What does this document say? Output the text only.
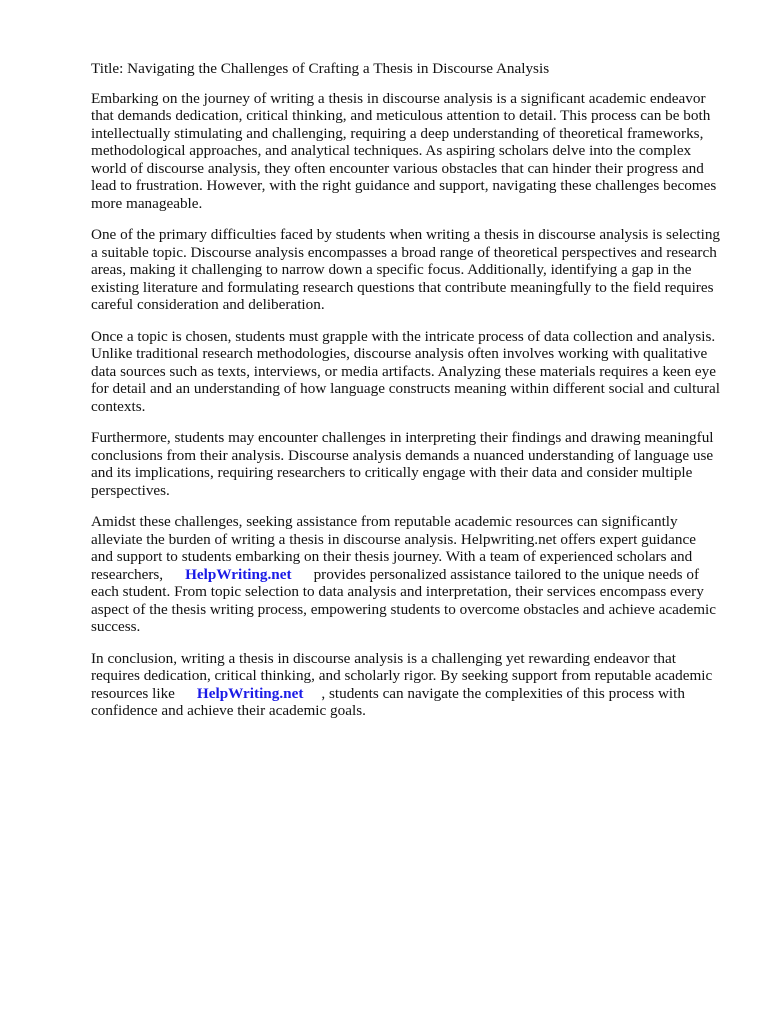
Title: Navigating the Challenges of Crafting a Thesis in Discourse Analysis

Embarking on the journey of writing a thesis in discourse analysis is a significant academic endeavor that demands dedication, critical thinking, and meticulous attention to detail. This process can be both intellectually stimulating and challenging, requiring a deep understanding of theoretical frameworks, methodological approaches, and analytical techniques. As aspiring scholars delve into the complex world of discourse analysis, they often encounter various obstacles that can hinder their progress and lead to frustration. However, with the right guidance and support, navigating these challenges becomes more manageable.

One of the primary difficulties faced by students when writing a thesis in discourse analysis is selecting a suitable topic. Discourse analysis encompasses a broad range of theoretical perspectives and research areas, making it challenging to narrow down a specific focus. Additionally, identifying a gap in the existing literature and formulating research questions that contribute meaningfully to the field requires careful consideration and deliberation.

Once a topic is chosen, students must grapple with the intricate process of data collection and analysis. Unlike traditional research methodologies, discourse analysis often involves working with qualitative data sources such as texts, interviews, or media artifacts. Analyzing these materials requires a keen eye for detail and an understanding of how language constructs meaning within different social and cultural contexts.

Furthermore, students may encounter challenges in interpreting their findings and drawing meaningful conclusions from their analysis. Discourse analysis demands a nuanced understanding of language use and its implications, requiring researchers to critically engage with their data and consider multiple perspectives.

Amidst these challenges, seeking assistance from reputable academic resources can significantly alleviate the burden of writing a thesis in discourse analysis. Helpwriting.net offers expert guidance and support to students embarking on their thesis journey. With a team of experienced scholars and researchers, HelpWriting.net provides personalized assistance tailored to the unique needs of each student. From topic selection to data analysis and interpretation, their services encompass every aspect of the thesis writing process, empowering students to overcome obstacles and achieve academic success.

In conclusion, writing a thesis in discourse analysis is a challenging yet rewarding endeavor that requires dedication, critical thinking, and scholarly rigor. By seeking support from reputable academic resources like HelpWriting.net , students can navigate the complexities of this process with confidence and achieve their academic goals.
